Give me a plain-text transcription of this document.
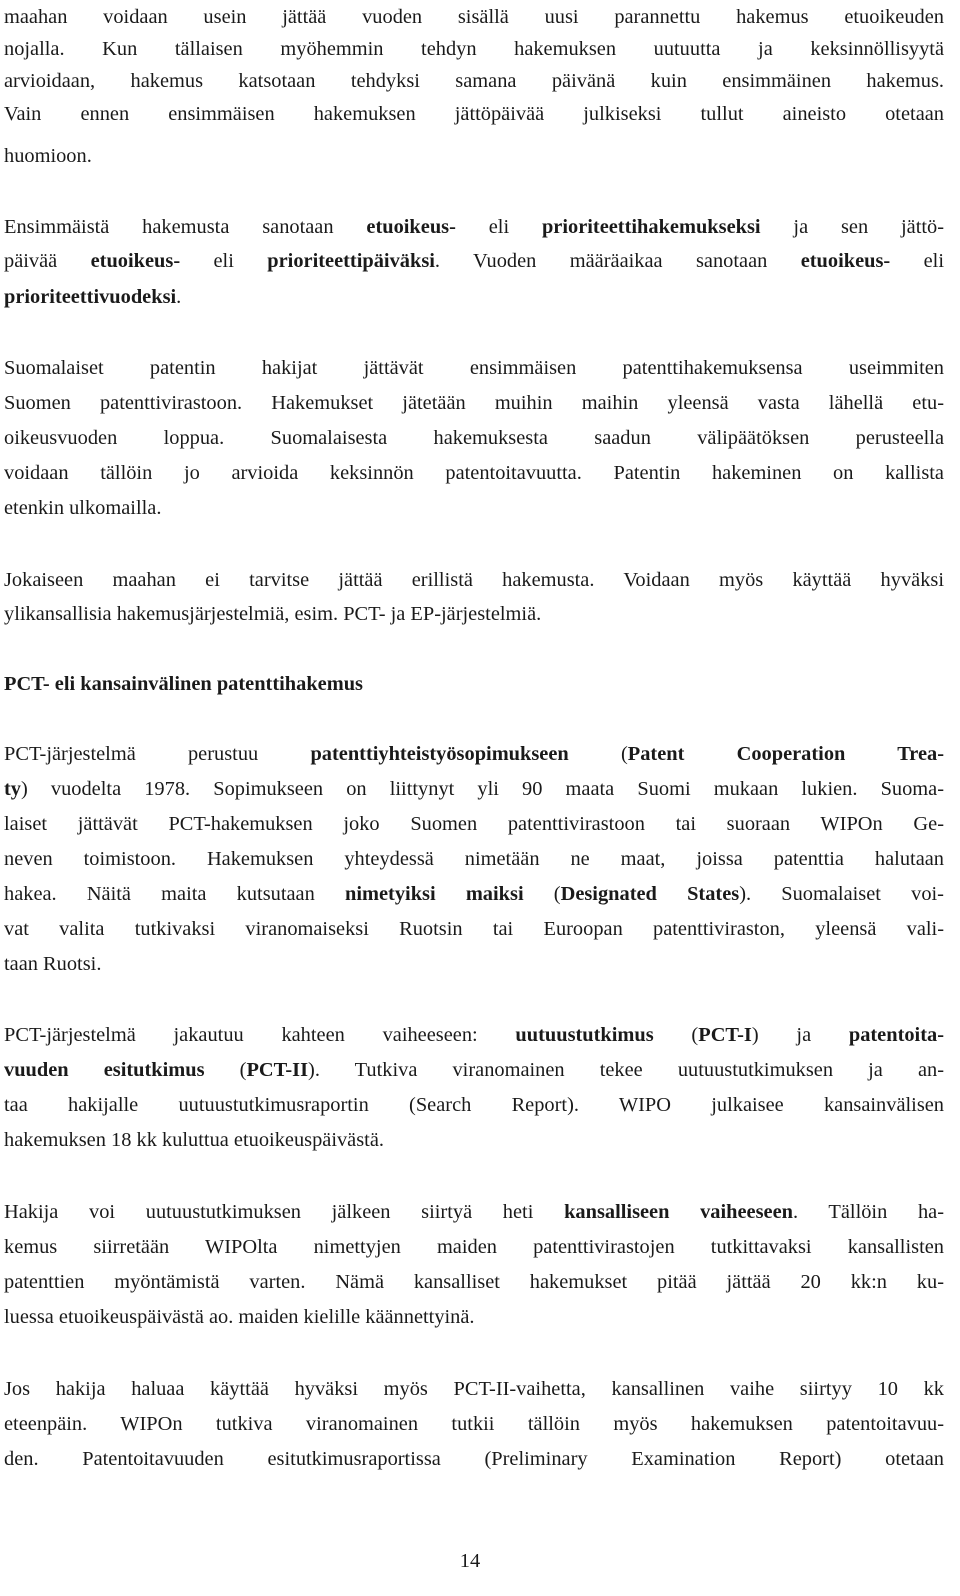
maahan voidaan usein jättää vuoden sisällä uusi parannettu hakemus etuoikeuden
nojalla. Kun tällaisen myöhemmin tehdyn hakemuksen uutuutta ja keksinnöllisyytä
arvioidaan, hakemus katsotaan tehdyksi samana päivänä kuin ensimmäinen hakemus.
Vain ennen ensimmäisen hakemuksen jättöpäivää julkiseksi tullut aineisto otetaan
huomioon.
Ensimmäistä hakemusta sanotaan etuoikeus- eli prioriteettihakemukseksi ja sen jättö-
päivää etuoikeus- eli prioriteettipäiväksi. Vuoden määräaikaa sanotaan etuoikeus- eli
prioriteettivuodeksi.
Suomalaiset patentin hakijat jättävät ensimmäisen patenttihakemuksensa useimmiten
Suomen patenttivirastoon. Hakemukset jätetään muihin maihin yleensä vasta lähellä etu-
oikeusvuoden loppua. Suomalaisesta hakemuksesta saadun välipäätöksen perusteella
voidaan tällöin jo arvioida keksinnön patentoitavuutta. Patentin hakeminen on kallista
etenkin ulkomailla.
Jokaiseen maahan ei tarvitse jättää erillistä hakemusta. Voidaan myös käyttää hyväksi
ylikansallisia hakemusjärjestelmiä, esim. PCT- ja EP-järjestelmiä.
PCT- eli kansainvälinen patenttihakemus
PCT-järjestelmä perustuu patenttiyhteistyösopimukseen (Patent Cooperation Trea-
ty) vuodelta 1978. Sopimukseen on liittynyt yli 90 maata Suomi mukaan lukien. Suoma-
laiset jättävät PCT-hakemuksen joko Suomen patenttivirastoon tai suoraan WIPOn Ge-
neven toimistoon. Hakemuksen yhteydessä nimetään ne maat, joissa patenttia halutaan
hakea. Näitä maita kutsutaan nimetyiksi maiksi (Designated States). Suomalaiset voi-
vat valita tutkivaksi viranomaiseksi Ruotsin tai Euroopan patenttiviraston, yleensä vali-
taan Ruotsi.
PCT-järjestelmä jakautuu kahteen vaiheeseen: uutuustutkimus (PCT-I) ja patentoita-
vuuden esitutkimus (PCT-II). Tutkiva viranomainen tekee uutuustutkimuksen ja an-
taa hakijalle uutuustutkimusraportin (Search Report). WIPO julkaisee kansainvälisen
hakemuksen 18 kk kuluttua etuoikeuspäivästä.
Hakija voi uutuustutkimuksen jälkeen siirtyä heti kansalliseen vaiheeseen. Tällöin ha-
kemus siirretään WIPOlta nimettyjen maiden patenttivirastojen tutkittavaksi kansallisten
patenttien myöntämistä varten. Nämä kansalliset hakemukset pitää jättää 20 kk:n ku-
luessa etuoikeuspäivästä ao. maiden kielille käännettyinä.
Jos hakija haluaa käyttää hyväksi myös PCT-II-vaihetta, kansallinen vaihe siirtyy 10 kk
eteenpäin. WIPOn tutkiva viranomainen tutkii tällöin myös hakemuksen patentoitavuu-
den. Patentoitavuuden esitutkimusraportissa (Preliminary Examination Report) otetaan
14
